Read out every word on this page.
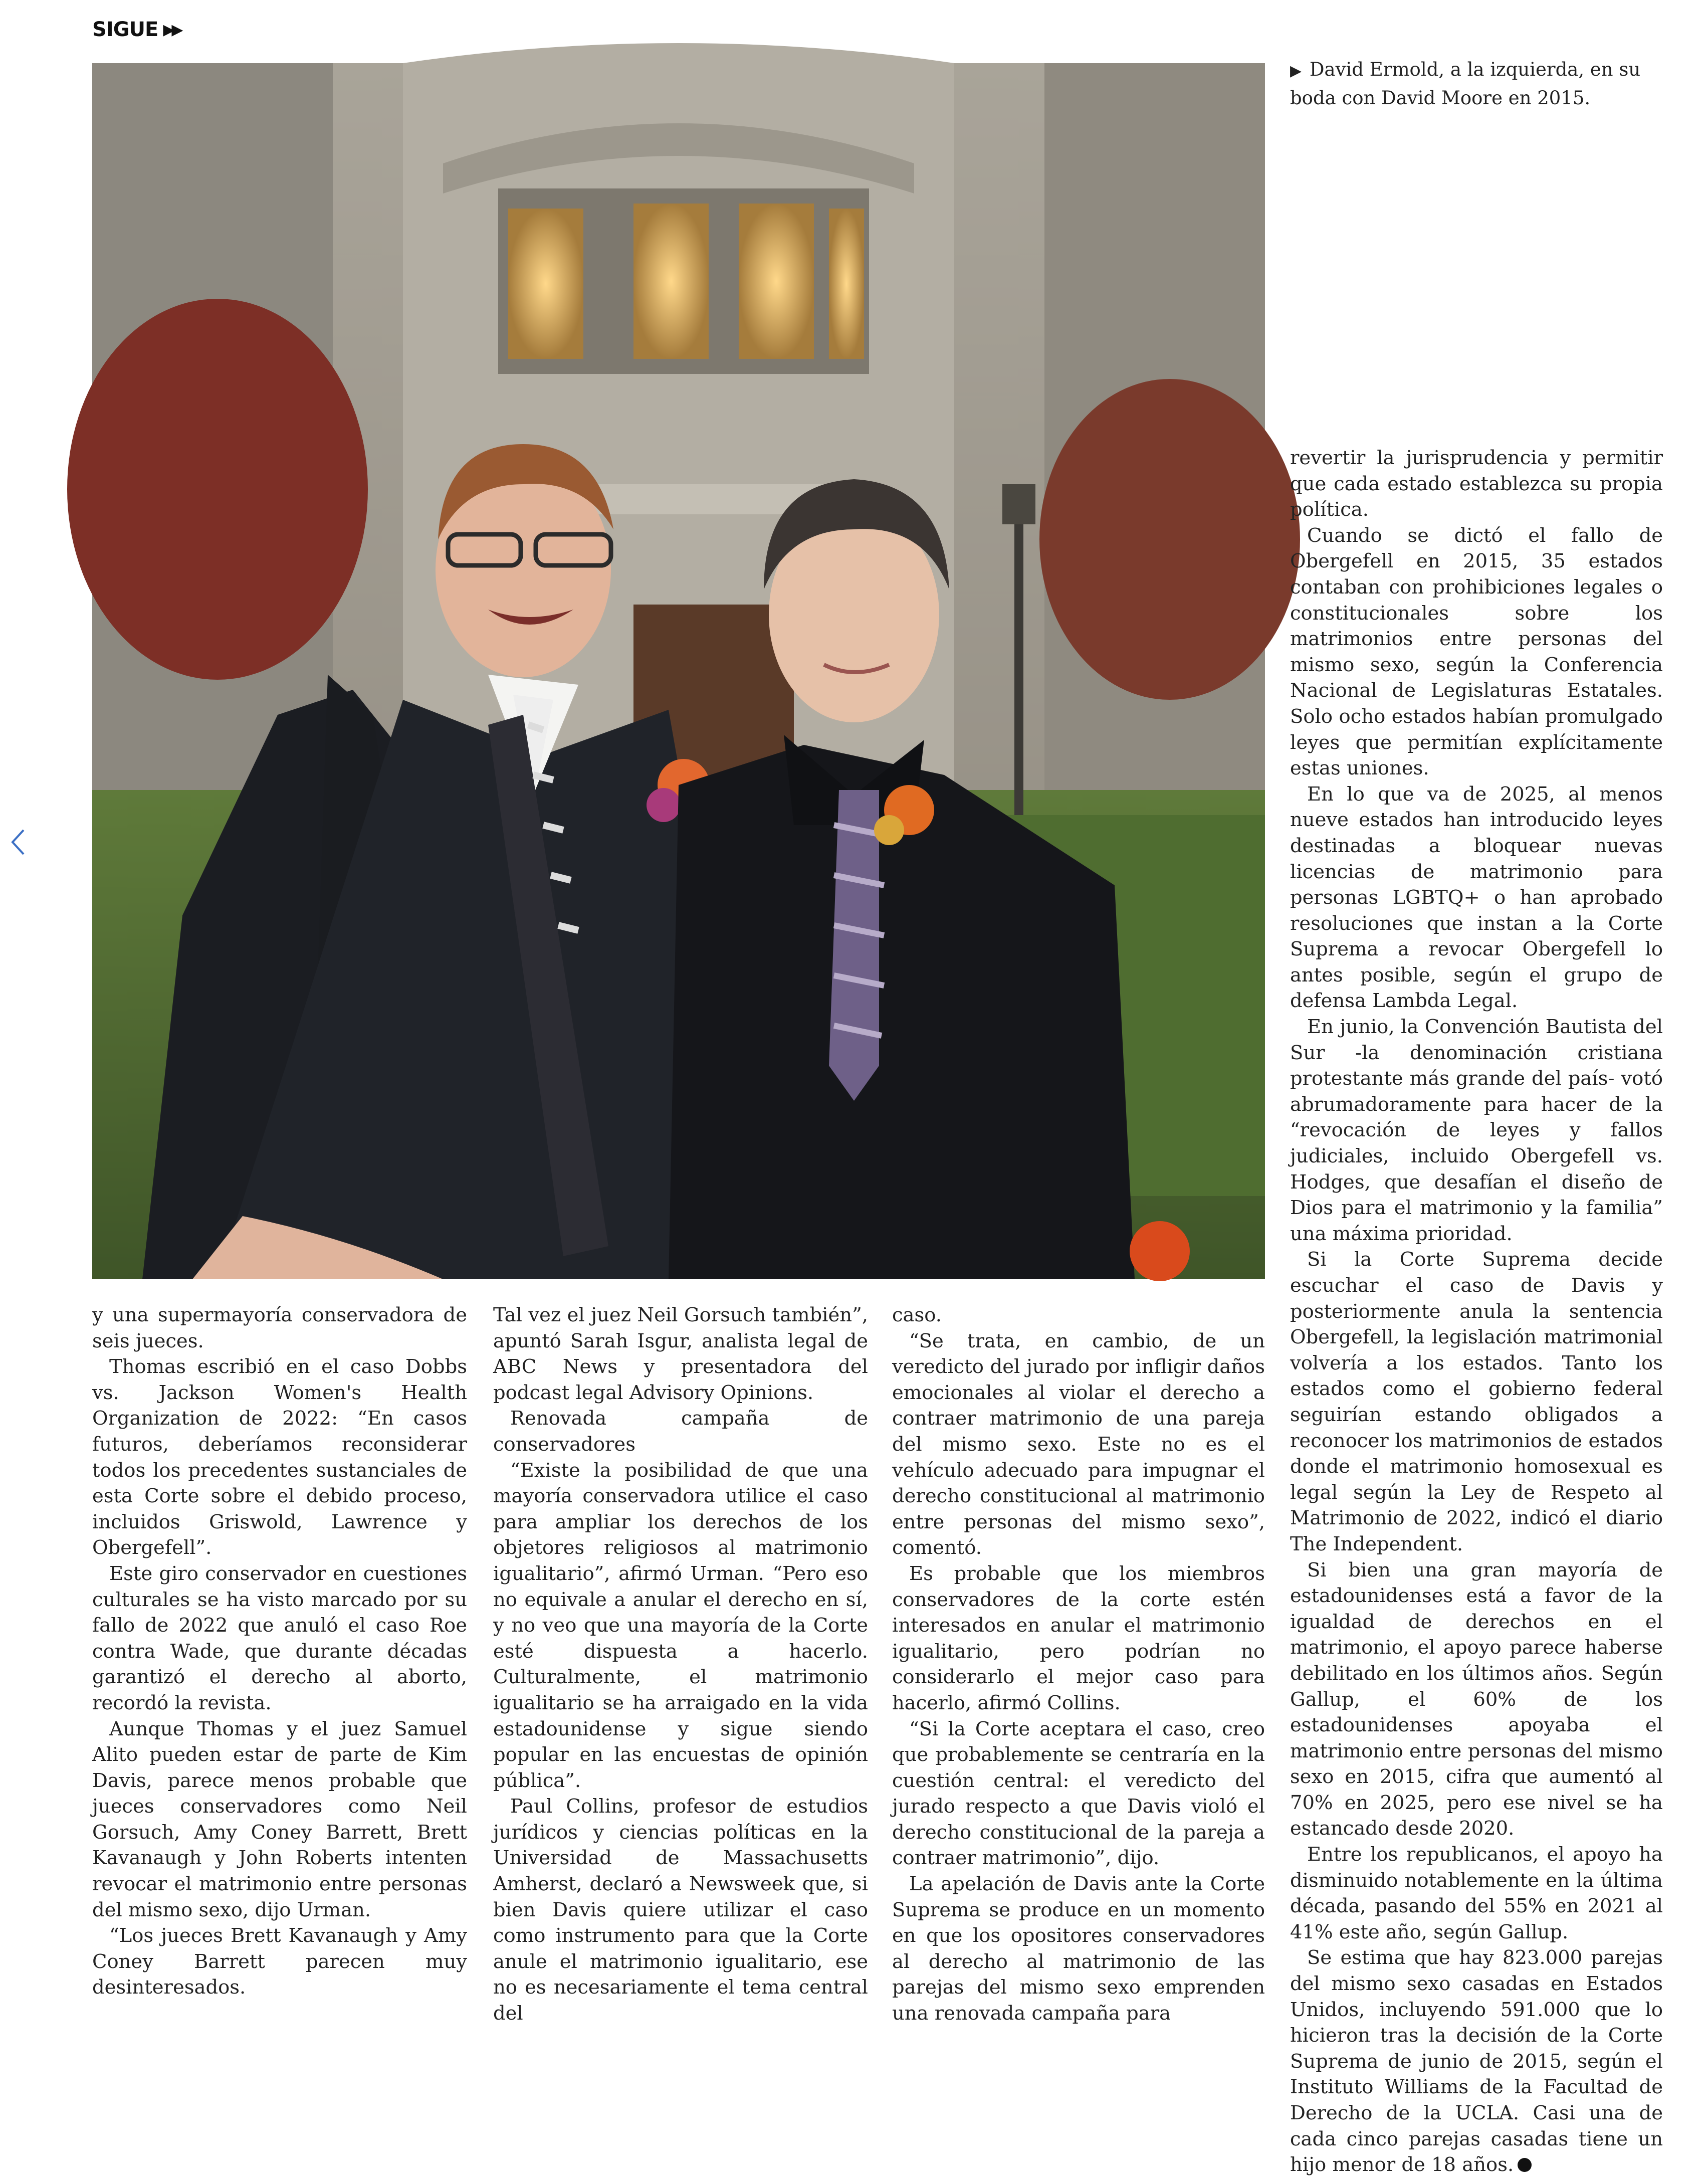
SIGUE ▶▶
▶ David Ermold, a la izquierda, en su boda con David Moore en 2015.

y una supermayoría conservadora de seis jueces.

Thomas escribió en el caso Dobbs vs. Jackson Women's Health Organization de 2022: “En casos futuros, deberíamos reconsiderar todos los precedentes sustanciales de esta Corte sobre el debido proceso, incluidos Griswold, Lawrence y Obergefell”.

Este giro conservador en cuestiones culturales se ha visto marcado por su fallo de 2022 que anuló el caso Roe contra Wade, que durante décadas garantizó el derecho al aborto, recordó la revista.

Aunque Thomas y el juez Samuel Alito pueden estar de parte de Kim Davis, parece menos probable que jueces conservadores como Neil Gorsuch, Amy Coney Barrett, Brett Kavanaugh y John Roberts intenten revocar el matrimonio entre personas del mismo sexo, dijo Urman.

“Los jueces Brett Kavanaugh y Amy Coney Barrett parecen muy desinteresados.

Tal vez el juez Neil Gorsuch también”, apuntó Sarah Isgur, analista legal de ABC News y presentadora del podcast legal Advisory Opinions.

Renovada campaña de conservadores

“Existe la posibilidad de que una mayoría conservadora utilice el caso para ampliar los derechos de los objetores religiosos al matrimonio igualitario”, afirmó Urman. “Pero eso no equivale a anular el derecho en sí, y no veo que una mayoría de la Corte esté dispuesta a hacerlo. Culturalmente, el matrimonio igualitario se ha arraigado en la vida estadounidense y sigue siendo popular en las encuestas de opinión pública”.

Paul Collins, profesor de estudios jurídicos y ciencias políticas en la Universidad de Massachusetts Amherst, declaró a Newsweek que, si bien Davis quiere utilizar el caso como instrumento para que la Corte anule el matrimonio igualitario, ese no es necesariamente el tema central del

caso.

“Se trata, en cambio, de un veredicto del jurado por infligir daños emocionales al violar el derecho a contraer matrimonio de una pareja del mismo sexo. Este no es el vehículo adecuado para impugnar el derecho constitucional al matrimonio entre personas del mismo sexo”, comentó.

Es probable que los miembros conservadores de la corte estén interesados en anular el matrimonio igualitario, pero podrían no considerarlo el mejor caso para hacerlo, afirmó Collins.

“Si la Corte aceptara el caso, creo que probablemente se centraría en la cuestión central: el veredicto del jurado respecto a que Davis violó el derecho constitucional de la pareja a contraer matrimonio”, dijo.

La apelación de Davis ante la Corte Suprema se produce en un momento en que los opositores conservadores al derecho al matrimonio de las parejas del mismo sexo emprenden una renovada campaña para

revertir la jurisprudencia y permitir que cada estado establezca su propia política.

Cuando se dictó el fallo de Obergefell en 2015, 35 estados contaban con prohibiciones legales o constitucionales sobre los matrimonios entre personas del mismo sexo, según la Conferencia Nacional de Legislaturas Estatales. Solo ocho estados habían promulgado leyes que permitían explícitamente estas uniones.

En lo que va de 2025, al menos nueve estados han introducido leyes destinadas a bloquear nuevas licencias de matrimonio para personas LGBTQ+ o han aprobado resoluciones que instan a la Corte Suprema a revocar Obergefell lo antes posible, según el grupo de defensa Lambda Legal.

En junio, la Convención Bautista del Sur -la denominación cristiana protestante más grande del país- votó abrumadoramente para hacer de la “revocación de leyes y fallos judiciales, incluido Obergefell vs. Hodges, que desafían el diseño de Dios para el matrimonio y la familia” una máxima prioridad.

Si la Corte Suprema decide escuchar el caso de Davis y posteriormente anula la sentencia Obergefell, la legislación matrimonial volvería a los estados. Tanto los estados como el gobierno federal seguirían estando obligados a reconocer los matrimonios de estados donde el matrimonio homosexual es legal según la Ley de Respeto al Matrimonio de 2022, indicó el diario The Independent.

Si bien una gran mayoría de estadounidenses está a favor de la igualdad de derechos en el matrimonio, el apoyo parece haberse debilitado en los últimos años. Según Gallup, el 60% de los estadounidenses apoyaba el matrimonio entre personas del mismo sexo en 2015, cifra que aumentó al 70% en 2025, pero ese nivel se ha estancado desde 2020.

Entre los republicanos, el apoyo ha disminuido notablemente en la última década, pasando del 55% en 2021 al 41% este año, según Gallup.

Se estima que hay 823.000 parejas del mismo sexo casadas en Estados Unidos, incluyendo 591.000 que lo hicieron tras la decisión de la Corte Suprema de junio de 2015, según el Instituto Williams de la Facultad de Derecho de la UCLA. Casi una de cada cinco parejas casadas tiene un hijo menor de 18 años.
